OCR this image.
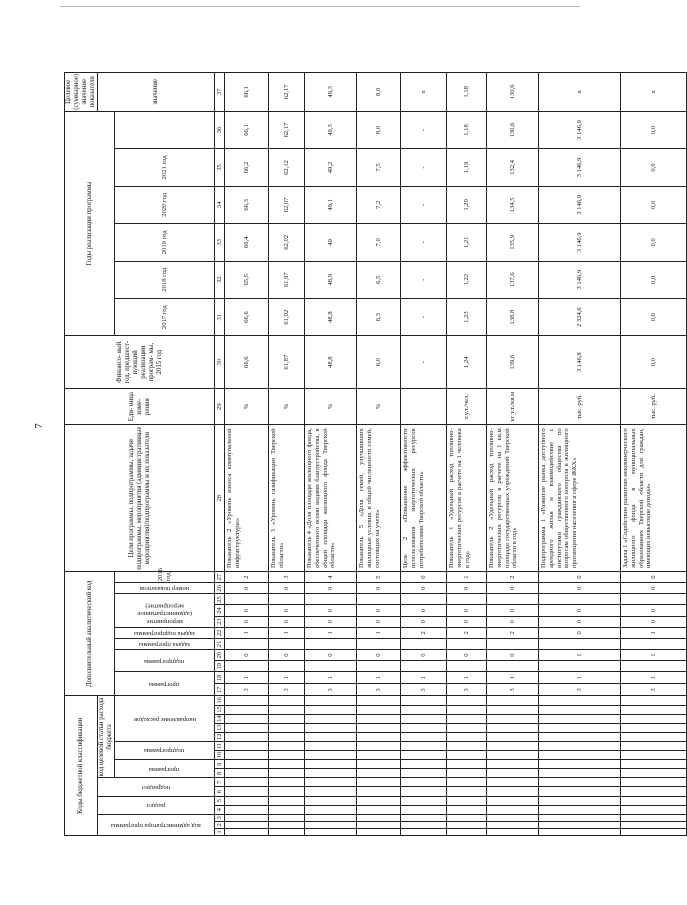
7
Коды бюджетной классификации																Дополнительный аналитический код											Цели программы, подпрограммы, задачи подпрограммы, мероприятия (административные мероприятия)/подпрограммы и их показатели	Еди- ница изме- рения	Финансо- вый год, предшест- вующий реализации програм- мы, 2015 год	Годы реализации программы						Целевое (суммарное) значение показателя

код администратора программы			раздел		подраздел		код целевой статьи расхода бюджета																													значение

							программа		подпрограмма		направление расходов					программа		подпрограмма		задача программы	задача подпрограммы	мероприятие (административное мероприятие)			номер показателя	2016 год				2017 год	2018 год	2019 год	2020 год	2021 год		
1	2	3	4	5	6	7	8	9	10	11	12	13	14	15	16	17	18	19	20	21	22	23	24	25	26	27	28	29	30	31	32	33	34	35	36	37
																3	1		0		1	0	0		0	2	Показатель 2 «Уровень износа коммунальной инфраструктуры»	%	66,6	66,6	65,5	66,4	66,3	66,2	66,1	66,1
																3	1		0		1	0	0		0	3	Показатель 3 «Уровень газификации Тверской области»	%	61,87	61,92	61,97	62,02	62,07	62,12	62,17	62,17
																3	1		0		1	0	0		0	4	Показатель 4 «Доля площади жилищного фонда, обеспеченного всеми видами благоустройства, в общей площади жилищного фонда Тверской области»	%	48,8	48,8	48,9	49	49,1	49,2	49,3	49,3
																3	1		0		1	0	0		0	5	Показатель 5 «Доля семей, улучшивших жилищные условия, в общей численности семей, состоящих на учете»	%	6,0	6,3	6,5	7,0	7,2	7,5	8,0	8,0
																3	1		0		2	0	0		0	0	Цель 2 «Повышение эффективности использования энергетических ресурсов потребителями Тверской области»		-	-	-	-	-	-	-	x
																3	1		0		2	0	0		0	1	Показатель 1 «Удельный расход топливно-энергетических ресурсов в расчете на 1 человека в год»	т.у.т./чел.	1,24	1,23	1,22	1,21	1,20	1,19	1,18	1,18
																3	1		0		2	0	0		0	2	Показатель 2 «Удельный расход топливно-энергетических ресурсов в расчете на 1 кв.м площади государственных учреждений Тверской области в год»	кг у.т./кв.м	139,6	138,8	137,6	135,9	134,5	132,4	130,6	130,6
																3	1		1		0	0	0		0	0	Подпрограмма 1 «Развитие рынка доступного арендного жилья и взаимодействие с институтами гражданского общества по вопросам общественного контроля в жилищного просвещения населения в сфере ЖКХ»	тыс. руб.	3 146,8	2 324,6	3 146,9	3 146,9	3 146,9	3 146,9	3 146,9	x
																3	1		1		1	0	0		0	0	Задача 1 «Содействие развитию некоммерческого жилищного фонда в муниципальных образованиях Тверской области для граждан, имеющих невысокие доходы»	тыс. руб.	0,0	0,0	0,0	0,0	0,0	0,0	0,0	x
